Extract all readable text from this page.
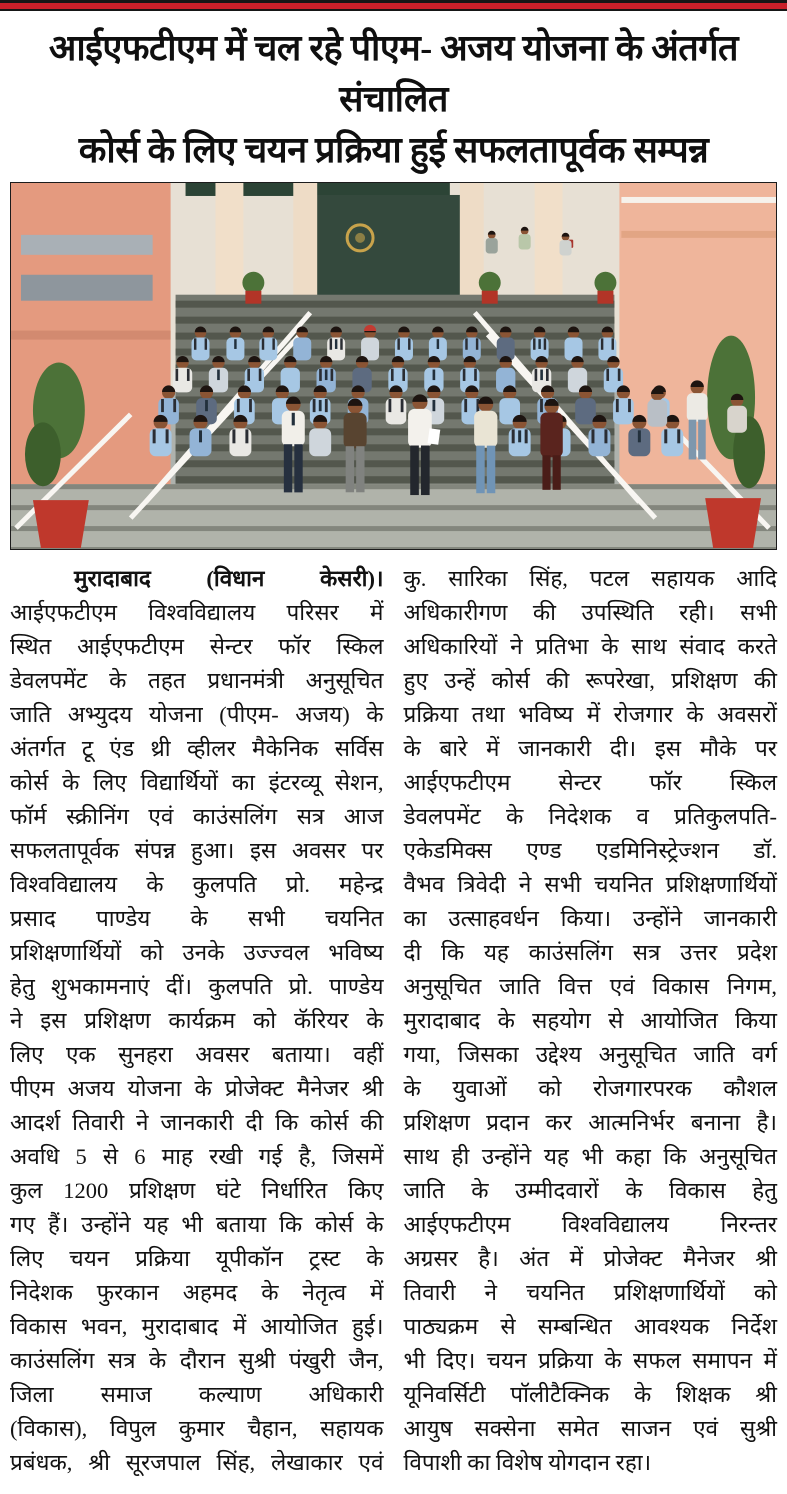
आईएफटीएम में चल रहे पीएम- अजय योजना के अंतर्गत संचालित
कोर्स के लिए चयन प्रक्रिया हुई सफलतापूर्वक सम्पन्न
मुरादाबाद (विधान केसरी)।
आईएफटीएम विश्वविद्यालय परिसर में
स्थित आईएफटीएम सेन्टर फॉर स्किल
डेवलपमेंट के तहत प्रधानमंत्री अनुसूचित
जाति अभ्युदय योजना (पीएम- अजय) के
अंतर्गत टू एंड थ्री व्हीलर मैकेनिक सर्विस
कोर्स के लिए विद्यार्थियों का इंटरव्यू सेशन,
फॉर्म स्क्रीनिंग एवं काउंसलिंग सत्र आज
सफलतापूर्वक संपन्न हुआ। इस अवसर पर
विश्वविद्यालय के कुलपति प्रो. महेन्द्र
प्रसाद पाण्डेय के सभी चयनित
प्रशिक्षणार्थियों को उनके उज्ज्वल भविष्य
हेतु शुभकामनाएं दीं। कुलपति प्रो. पाण्डेय
ने इस प्रशिक्षण कार्यक्रम को कॅरियर के
लिए एक सुनहरा अवसर बताया। वहीं
पीएम अजय योजना के प्रोजेक्ट मैनेजर श्री
आदर्श तिवारी ने जानकारी दी कि कोर्स की
अवधि 5 से 6 माह रखी गई है, जिसमें
कुल 1200 प्रशिक्षण घंटे निर्धारित किए
गए हैं। उन्होंने यह भी बताया कि कोर्स के
लिए चयन प्रक्रिया यूपीकॉन ट्रस्ट के
निदेशक फुरकान अहमद के नेतृत्व में
विकास भवन, मुरादाबाद में आयोजित हुई।
काउंसलिंग सत्र के दौरान सुश्री पंखुरी जैन,
जिला समाज कल्याण अधिकारी
(विकास), विपुल कुमार चैहान, सहायक
प्रबंधक, श्री सूरजपाल सिंह, लेखाकार एवं
कु. सारिका सिंह, पटल सहायक आदि
अधिकारीगण की उपस्थिति रही। सभी
अधिकारियों ने प्रतिभा के साथ संवाद करते
हुए उन्हें कोर्स की रूपरेखा, प्रशिक्षण की
प्रक्रिया तथा भविष्य में रोजगार के अवसरों
के बारे में जानकारी दी। इस मौके पर
आईएफटीएम सेन्टर फॉर स्किल
डेवलपमेंट के निदेशक व प्रतिकुलपति-
एकेडमिक्स एण्ड एडमिनिस्ट्रेज्शन डॉ.
वैभव त्रिवेदी ने सभी चयनित प्रशिक्षणार्थियों
का उत्साहवर्धन किया। उन्होंने जानकारी
दी कि यह काउंसलिंग सत्र उत्तर प्रदेश
अनुसूचित जाति वित्त एवं विकास निगम,
मुरादाबाद के सहयोग से आयोजित किया
गया, जिसका उद्देश्य अनुसूचित जाति वर्ग
के युवाओं को रोजगारपरक कौशल
प्रशिक्षण प्रदान कर आत्मनिर्भर बनाना है।
साथ ही उन्होंने यह भी कहा कि अनुसूचित
जाति के उम्मीदवारों के विकास हेतु
आईएफटीएम विश्वविद्यालय निरन्तर
अग्रसर है। अंत में प्रोजेक्ट मैनेजर श्री
तिवारी ने चयनित प्रशिक्षणार्थियों को
पाठ्यक्रम से सम्बन्धित आवश्यक निर्देश
भी दिए। चयन प्रक्रिया के सफल समापन में
यूनिवर्सिटी पॉलीटैक्निक के शिक्षक श्री
आयुष सक्सेना समेत साजन एवं सुश्री
विपाशी का विशेष योगदान रहा।
